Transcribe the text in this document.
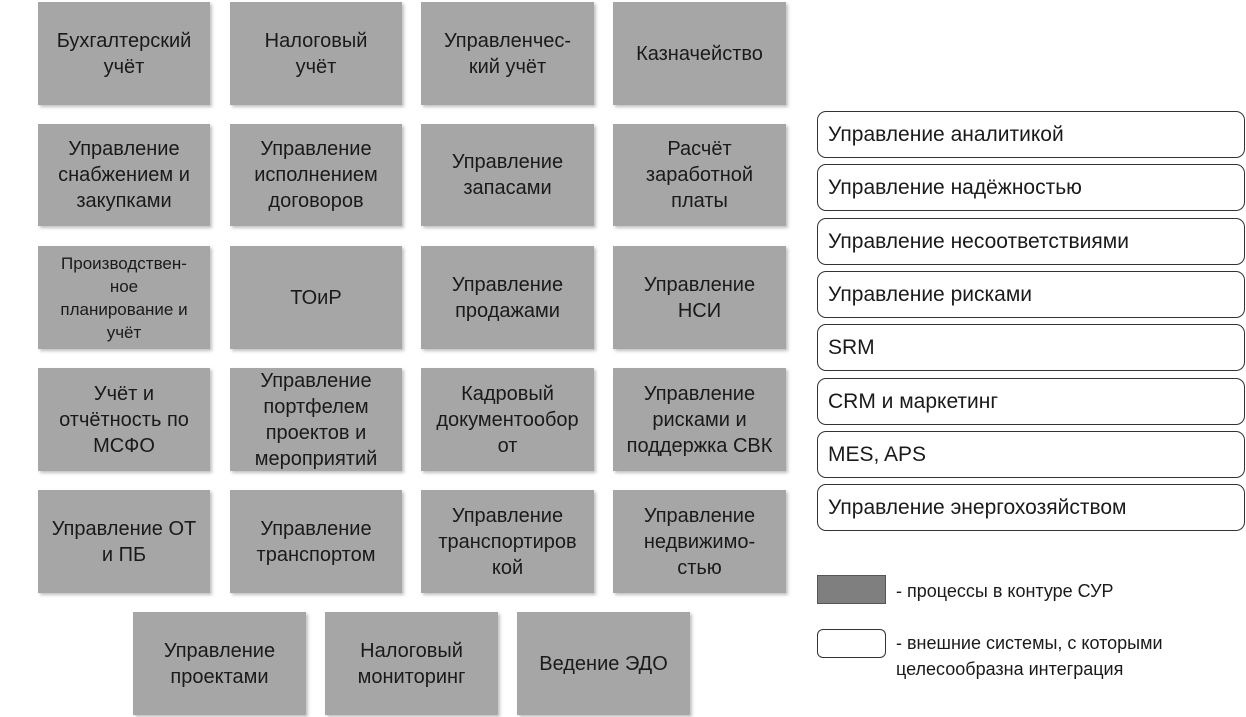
Бухгалтерский
учёт
Налоговый
учёт
Управленчес-
кий учёт
Казначейство
Управление
снабжением и
закупками
Управление
исполнением
договоров
Управление
запасами
Расчёт
заработной
платы
Производствен-
ное
планирование и
учёт
ТОиР
Управление
продажами
Управление
НСИ
Учёт и
отчётность по
МСФО
Управление
портфелем
проектов и
мероприятий
Кадровый
документообор
от
Управление
рисками и
поддержка СВК
Управление ОТ
и ПБ
Управление
транспортом
Управление
транспортиров
кой
Управление
недвижимо-
стью
Управление
проектами
Налоговый
мониторинг
Ведение ЭДО
Управление аналитикой
Управление надёжностью
Управление несоответствиями
Управление рисками
SRM
CRM и маркетинг
MES, APS
Управление энергохозяйством
- процессы в контуре СУР
- внешние системы, с которыми
целесообразна интеграция
